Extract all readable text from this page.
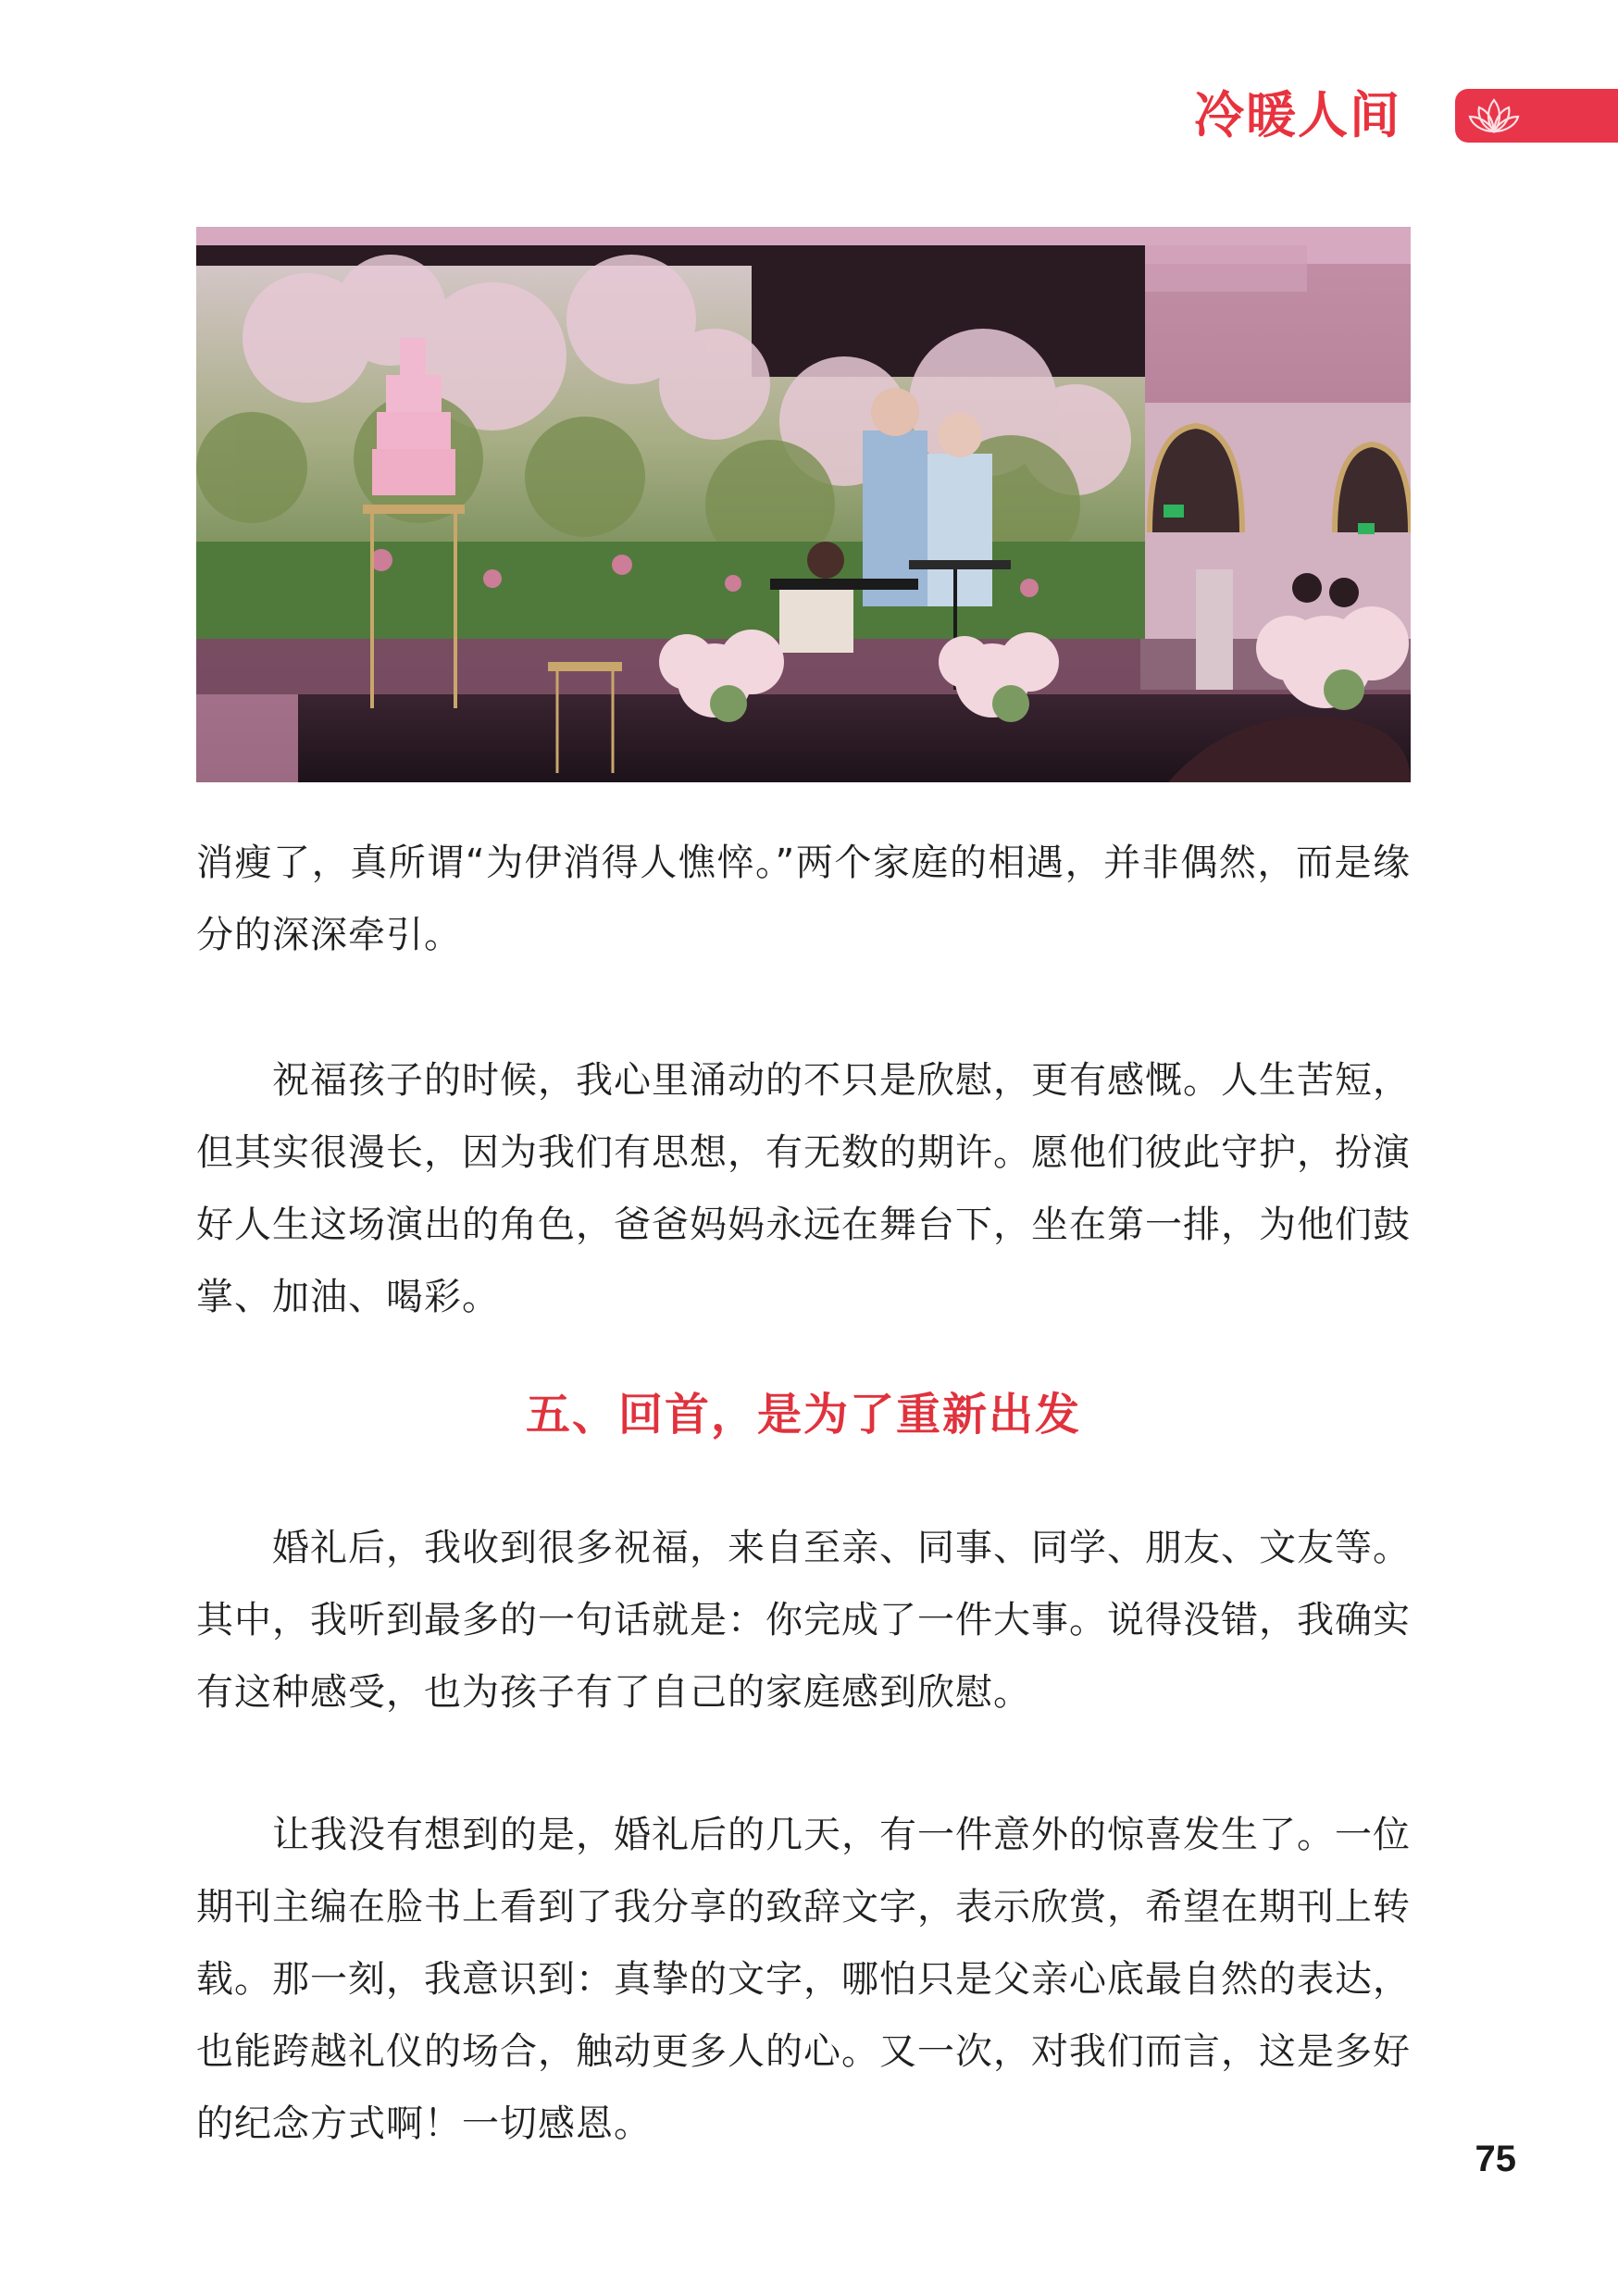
冷暖人间

消瘦了，真所谓“为伊消得人憔悴。”两个家庭的相遇，并非偶然，而是缘分的深深牵引。

祝福孩子的时候，我心里涌动的不只是欣慰，更有感慨。人生苦短，但其实很漫长，因为我们有思想，有无数的期许。愿他们彼此守护，扮演好人生这场演出的角色，爸爸妈妈永远在舞台下，坐在第一排，为他们鼓掌、加油、喝彩。

五、回首，是为了重新出发

婚礼后，我收到很多祝福，来自至亲、同事、同学、朋友、文友等。其中，我听到最多的一句话就是：你完成了一件大事。说得没错，我确实有这种感受，也为孩子有了自己的家庭感到欣慰。

让我没有想到的是，婚礼后的几天，有一件意外的惊喜发生了。一位期刊主编在脸书上看到了我分享的致辞文字，表示欣赏，希望在期刊上转载。那一刻，我意识到：真挚的文字，哪怕只是父亲心底最自然的表达，也能跨越礼仪的场合，触动更多人的心。又一次，对我们而言，这是多好的纪念方式啊！一切感恩。

75
